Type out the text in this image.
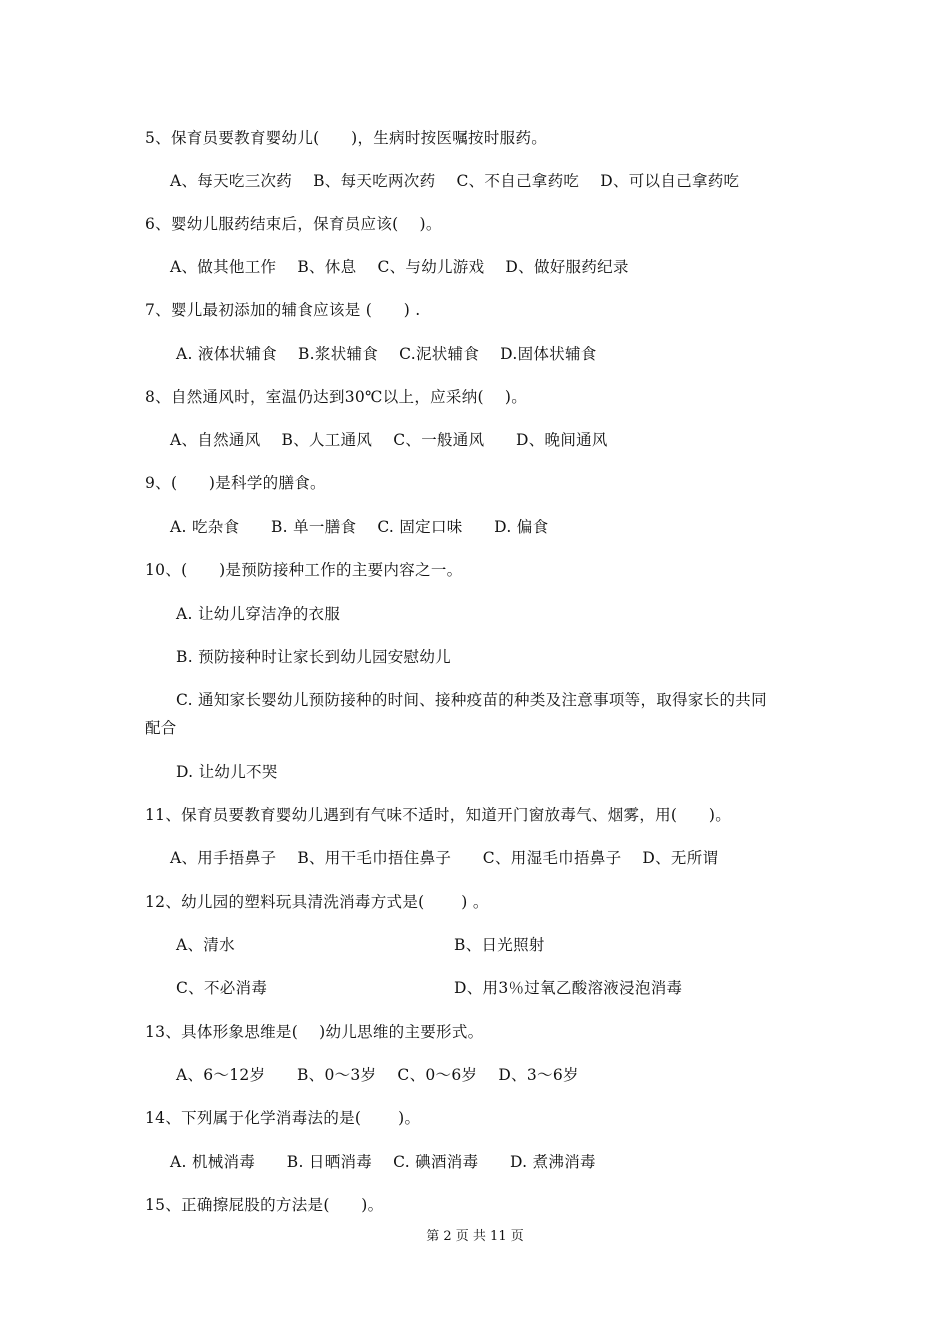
5、保育员要教育婴幼儿(　　)，生病时按医嘱按时服药。
A、每天吃三次药　 B、每天吃两次药　 C、不自己拿药吃　 D、可以自己拿药吃
6、婴幼儿服药结束后，保育员应该(　 )。
A、做其他工作　 B、休息　 C、与幼儿游戏　 D、做好服药纪录
7、婴儿最初添加的辅食应该是 (　　) .
A. 液体状辅食　 B.浆状辅食　 C.泥状辅食　 D.固体状辅食
8、自然通风时，室温仍达到30℃以上，应采纳(　 )。
A、自然通风　 B、人工通风　 C、一般通风　　D、晚间通风
9、(　　)是科学的膳食。
A. 吃杂食　　B. 单一膳食　 C. 固定口味　　D. 偏食
10、(　　)是预防接种工作的主要内容之一。
A. 让幼儿穿洁净的衣服
B. 预防接种时让家长到幼儿园安慰幼儿
C. 通知家长婴幼儿预防接种的时间、接种疫苗的种类及注意事项等，取得家长的共同
配合
D. 让幼儿不哭
11、保育员要教育婴幼儿遇到有气味不适时，知道开门窗放毒气、烟雾，用(　　)。
A、用手捂鼻子　 B、用干毛巾捂住鼻子　　C、用湿毛巾捂鼻子　 D、无所谓
12、幼儿园的塑料玩具清洗消毒方式是(　　 ) 。
A、清水	B、日光照射
C、不必消毒	D、用3％过氧乙酸溶液浸泡消毒
13、具体形象思维是(　 )幼儿思维的主要形式。
A、6～12岁　　B、0～3岁　 C、0～6岁　 D、3～6岁
14、下列属于化学消毒法的是(　　 )。
A. 机械消毒　　B. 日晒消毒　 C. 碘酒消毒　　D. 煮沸消毒
15、正确擦屁股的方法是(　　)。
第 2 页 共 11 页
